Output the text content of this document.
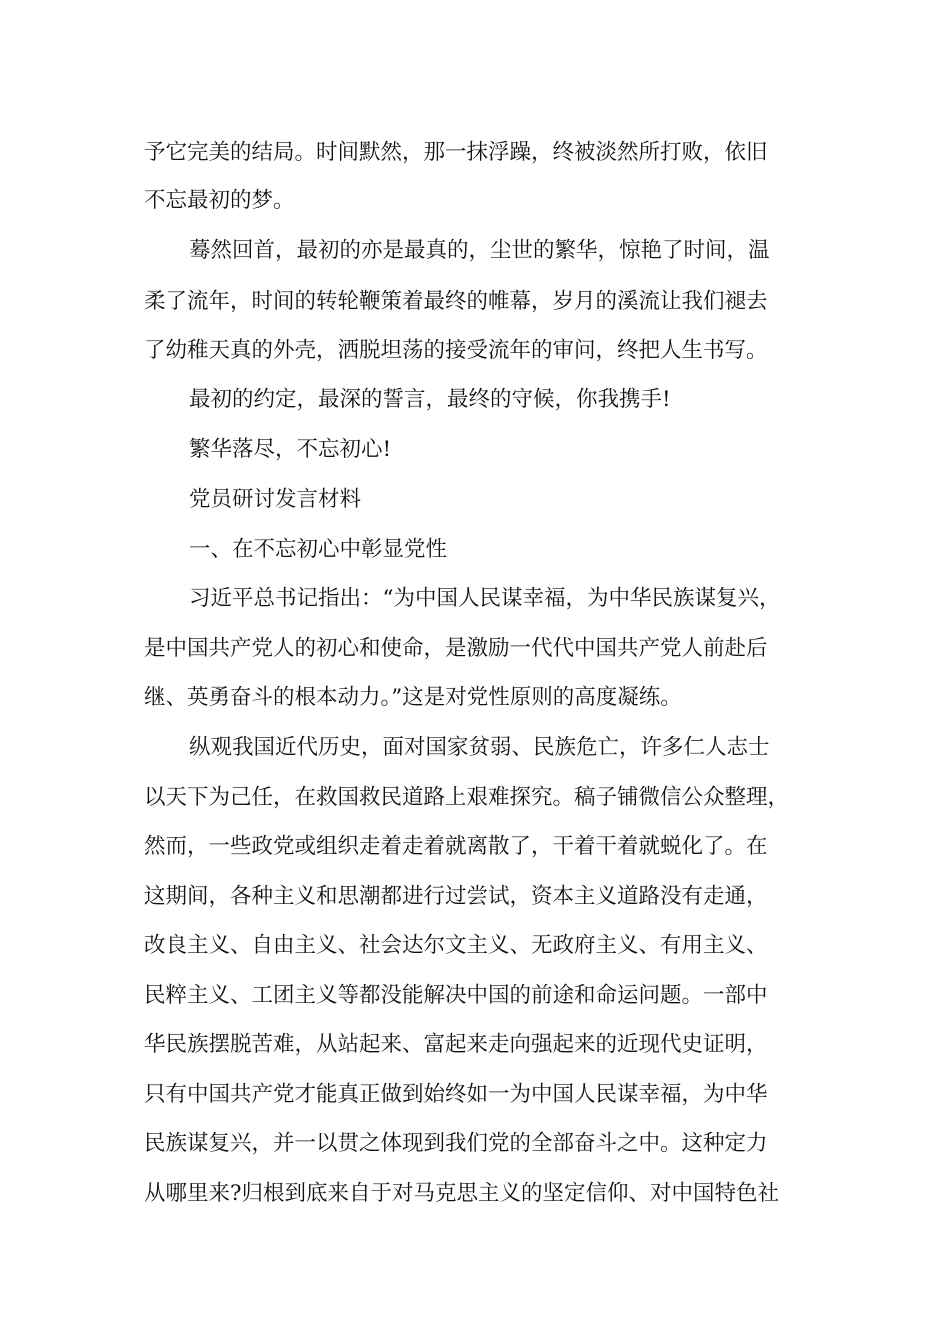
予它完美的结局。时间默然，那一抹浮躁，终被淡然所打败，依旧
不忘最初的梦。
蓦然回首，最初的亦是最真的，尘世的繁华，惊艳了时间，温
柔了流年，时间的转轮鞭策着最终的帷幕，岁月的溪流让我们褪去
了幼稚天真的外壳，洒脱坦荡的接受流年的审问，终把人生书写。
最初的约定，最深的誓言，最终的守候，你我携手!
繁华落尽，不忘初心!
党员研讨发言材料
一、在不忘初心中彰显党性
习近平总书记指出：“为中国人民谋幸福，为中华民族谋复兴，
是中国共产党人的初心和使命，是激励一代代中国共产党人前赴后
继、英勇奋斗的根本动力。”这是对党性原则的高度凝练。
纵观我国近代历史，面对国家贫弱、民族危亡，许多仁人志士
以天下为己任，在救国救民道路上艰难探究。稿子铺微信公众整理，
然而，一些政党或组织走着走着就离散了，干着干着就蜕化了。在
这期间，各种主义和思潮都进行过尝试，资本主义道路没有走通，
改良主义、自由主义、社会达尔文主义、无政府主义、有用主义、
民粹主义、工团主义等都没能解决中国的前途和命运问题。一部中
华民族摆脱苦难，从站起来、富起来走向强起来的近现代史证明，
只有中国共产党才能真正做到始终如一为中国人民谋幸福，为中华
民族谋复兴，并一以贯之体现到我们党的全部奋斗之中。这种定力
从哪里来?归根到底来自于对马克思主义的坚定信仰、对中国特色社
